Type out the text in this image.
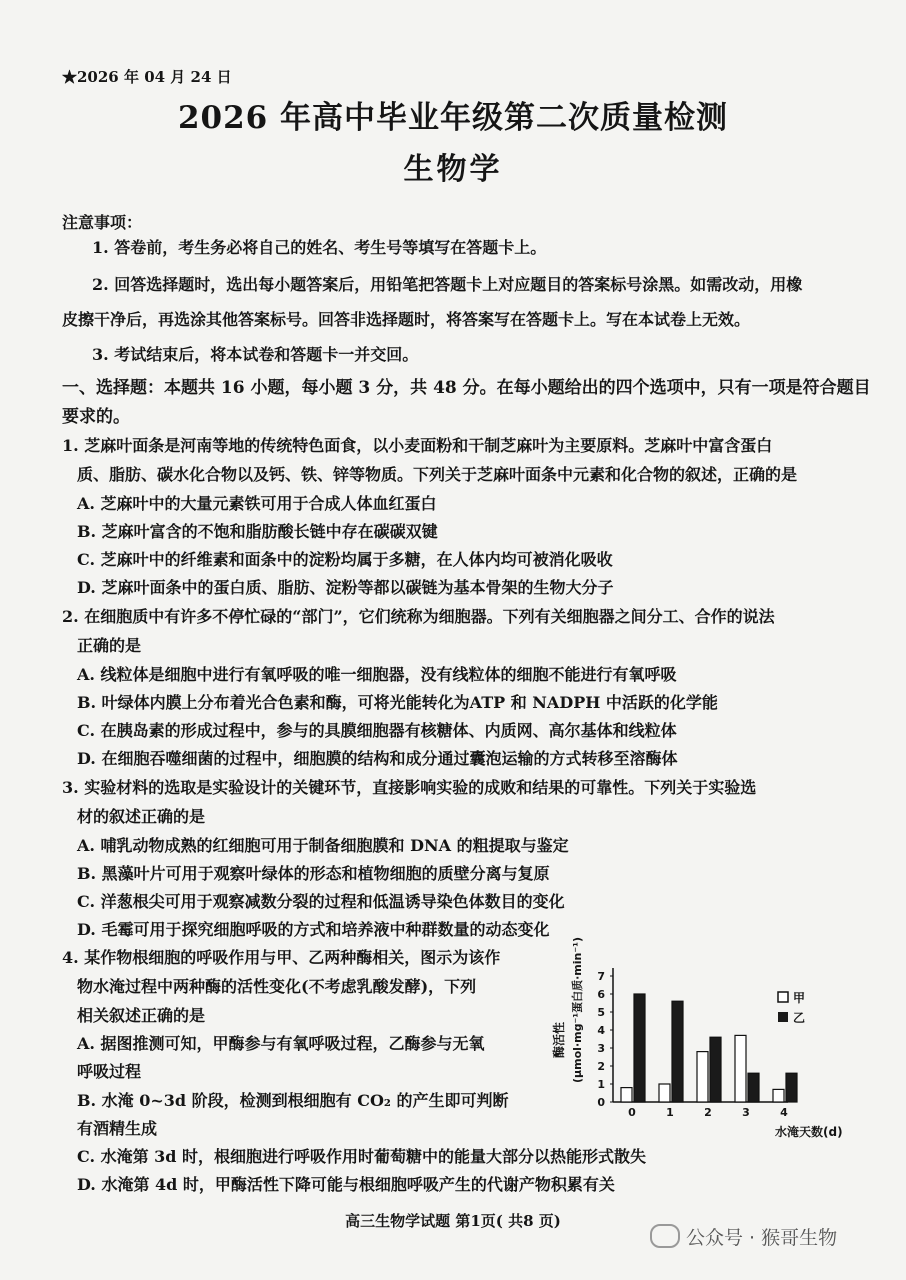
★2026 年 04 月 24 日
2026 年高中毕业年级第二次质量检测
生物学
注意事项：
1. 答卷前，考生务必将自己的姓名、考生号等填写在答题卡上。
2. 回答选择题时，选出每小题答案后，用铅笔把答题卡上对应题目的答案标号涂黑。如需改动，用橡
皮擦干净后，再选涂其他答案标号。回答非选择题时，将答案写在答题卡上。写在本试卷上无效。
3. 考试结束后，将本试卷和答题卡一并交回。
一、选择题：本题共 16 小题，每小题 3 分，共 48 分。在每小题给出的四个选项中，只有一项是符合题目
要求的。
1. 芝麻叶面条是河南等地的传统特色面食，以小麦面粉和干制芝麻叶为主要原料。芝麻叶中富含蛋白
质、脂肪、碳水化合物以及钙、铁、锌等物质。下列关于芝麻叶面条中元素和化合物的叙述，正确的是
A. 芝麻叶中的大量元素铁可用于合成人体血红蛋白
B. 芝麻叶富含的不饱和脂肪酸长链中存在碳碳双键
C. 芝麻叶中的纤维素和面条中的淀粉均属于多糖，在人体内均可被消化吸收
D. 芝麻叶面条中的蛋白质、脂肪、淀粉等都以碳链为基本骨架的生物大分子
2. 在细胞质中有许多不停忙碌的“部门”，它们统称为细胞器。下列有关细胞器之间分工、合作的说法
正确的是
A. 线粒体是细胞中进行有氧呼吸的唯一细胞器，没有线粒体的细胞不能进行有氧呼吸
B. 叶绿体内膜上分布着光合色素和酶，可将光能转化为ATP 和 NADPH 中活跃的化学能
C. 在胰岛素的形成过程中，参与的具膜细胞器有核糖体、内质网、高尔基体和线粒体
D. 在细胞吞噬细菌的过程中，细胞膜的结构和成分通过囊泡运输的方式转移至溶酶体
3. 实验材料的选取是实验设计的关键环节，直接影响实验的成败和结果的可靠性。下列关于实验选
材的叙述正确的是
A. 哺乳动物成熟的红细胞可用于制备细胞膜和 DNA 的粗提取与鉴定
B. 黑藻叶片可用于观察叶绿体的形态和植物细胞的质壁分离与复原
C. 洋葱根尖可用于观察减数分裂的过程和低温诱导染色体数目的变化
D. 毛霉可用于探究细胞呼吸的方式和培养液中种群数量的动态变化
4. 某作物根细胞的呼吸作用与甲、乙两种酶相关，图示为该作
物水淹过程中两种酶的活性变化(不考虑乳酸发酵)，下列
相关叙述正确的是
A. 据图推测可知，甲酶参与有氧呼吸过程，乙酶参与无氧
呼吸过程
B. 水淹 0~3d 阶段，检测到根细胞有 CO₂ 的产生即可判断
有酒精生成
C. 水淹第 3d 时，根细胞进行呼吸作用时葡萄糖中的能量大部分以热能形式散失
D. 水淹第 4d 时，甲酶活性下降可能与根细胞呼吸产生的代谢产物积累有关
酶活性 (μmol·mg⁻¹蛋白质·min⁻¹)
0
1
2
3
4
5
6
7
0	1	2	3	4
水淹天数(d)
甲
乙
高三生物学试题 第1页( 共8 页)
公众号 · 猴哥生物
